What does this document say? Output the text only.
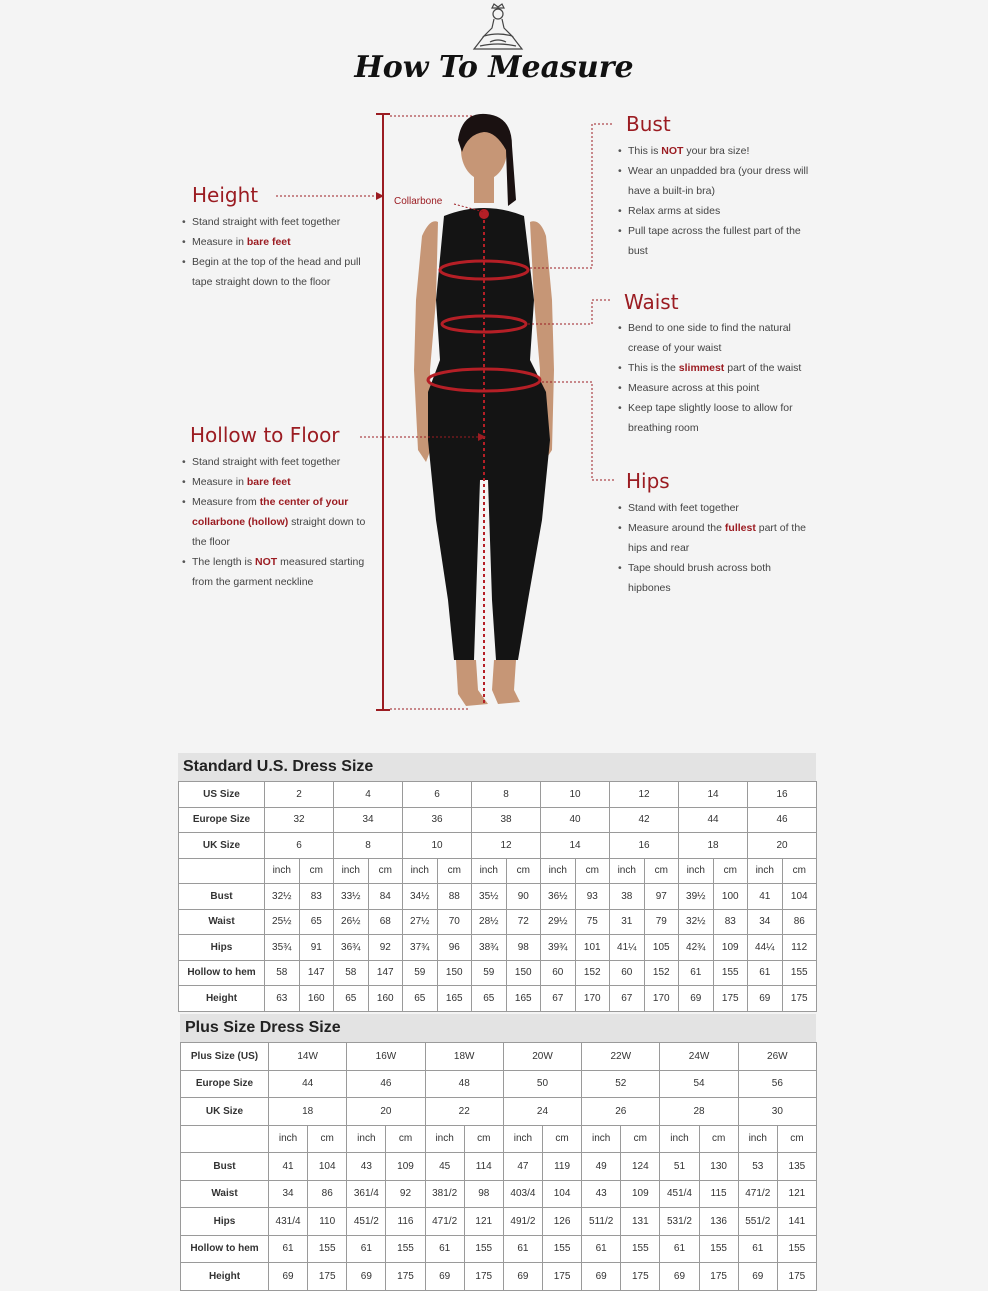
How To Measure
Collarbone
Height
• Stand straight with feet together
• Measure in bare feet
• Begin at the top of the head and pull tape straight down to the floor
Hollow to Floor
• Stand straight with feet together
• Measure in bare feet
• Measure from the center of your collarbone (hollow) straight down to the floor
• The length is NOT measured starting from the garment neckline
Bust
• This is NOT your bra size!
• Wear an unpadded bra (your dress will have a built-in bra)
• Relax arms at sides
• Pull tape across the fullest part of the bust
Waist
• Bend to one side to find the natural crease of your waist
• This is the slimmest part of the waist
• Measure across at this point
• Keep tape slightly loose to allow for breathing room
Hips
• Stand with feet together
• Measure around the fullest part of the hips and rear
• Tape should brush across both hipbones
Standard U.S. Dress Size
US Size	2		4		6		8		10		12		14		16	
Europe Size	32		34		36		38		40		42		44		46	
UK Size	6		8		10		12		14		16		18		20	
	inch	cm	inch	cm	inch	cm	inch	cm	inch	cm	inch	cm	inch	cm	inch	cm
Bust	32½	83	33½	84	34½	88	35½	90	36½	93	38	97	39½	100	41	104
Waist	25½	65	26½	68	27½	70	28½	72	29½	75	31	79	32½	83	34	86
Hips	35¾	91	36¾	92	37¾	96	38¾	98	39¾	101	41¼	105	42¾	109	44¼	112
Hollow to hem	58	147	58	147	59	150	59	150	60	152	60	152	61	155	61	155
Height	63	160	65	160	65	165	65	165	67	170	67	170	69	175	69	175
Plus Size Dress Size
Plus Size (US)	14W		16W		18W		20W		22W		24W		26W	
Europe Size	44		46		48		50		52		54		56	
UK Size	18		20		22		24		26		28		30	
	inch	cm	inch	cm	inch	cm	inch	cm	inch	cm	inch	cm	inch	cm
Bust	41	104	43	109	45	114	47	119	49	124	51	130	53	135
Waist	34	86	361/4	92	381/2	98	403/4	104	43	109	451/4	115	471/2	121
Hips	431/4	110	451/2	116	471/2	121	491/2	126	511/2	131	531/2	136	551/2	141
Hollow to hem	61	155	61	155	61	155	61	155	61	155	61	155	61	155
Height	69	175	69	175	69	175	69	175	69	175	69	175	69	175
